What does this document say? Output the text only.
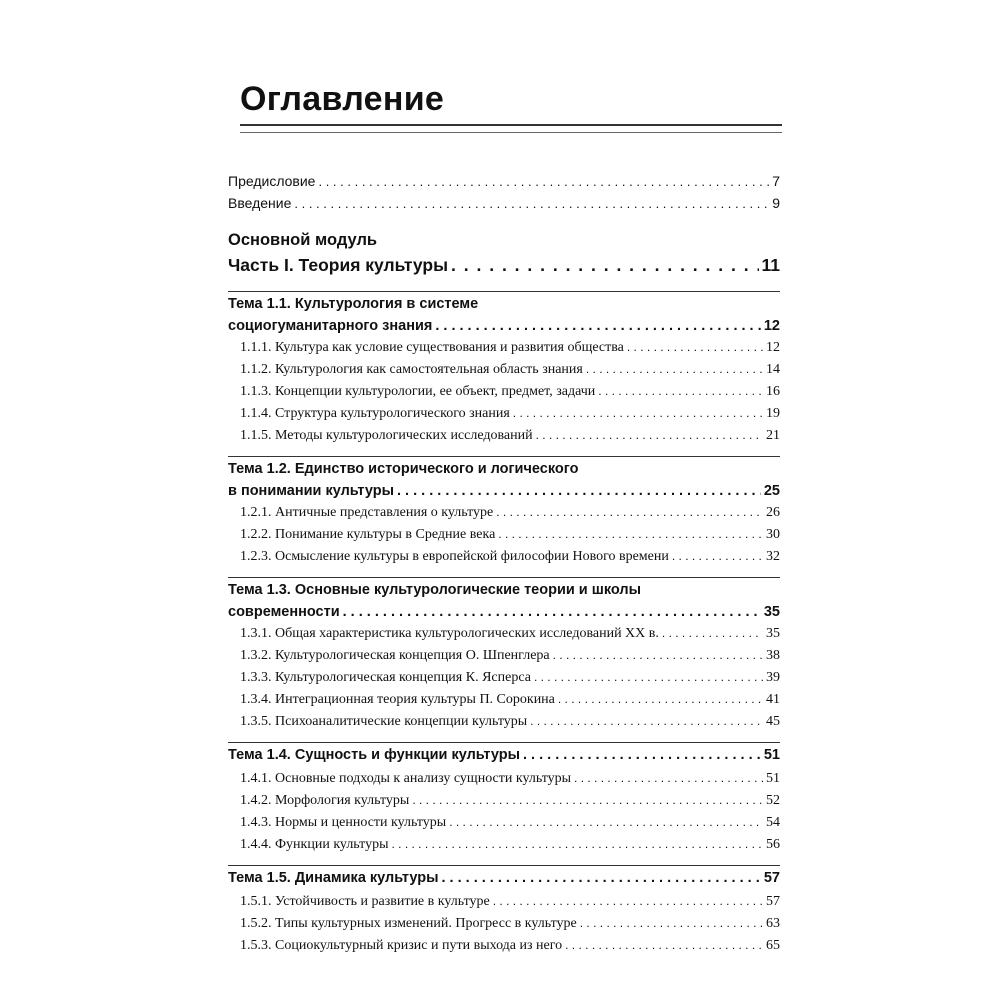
Оглавление
Предисловие . . .	7
Введение . . .	9
Основной модуль
Часть I. Теория культуры . . .	11
Тема 1.1. Культурология в системе
социогуманитарного знания . . .	12
1.1.1. Культура как условие существования и развития общества . . .	12
1.1.2. Культурология как самостоятельная область знания . . .	14
1.1.3. Концепции культурологии, ее объект, предмет, задачи . . .	16
1.1.4. Структура культурологического знания . . .	19
1.1.5. Методы культурологических исследований . . .	21
Тема 1.2. Единство исторического и логического
в понимании культуры . . .	25
1.2.1. Античные представления о культуре . . .	26
1.2.2. Понимание культуры в Средние века . . .	30
1.2.3. Осмысление культуры в европейской философии Нового времени . . .	32
Тема 1.3. Основные культурологические теории и школы
современности . . .	35
1.3.1. Общая характеристика культурологических исследований XX в. . . .	35
1.3.2. Культурологическая концепция О. Шпенглера . . .	38
1.3.3. Культурологическая концепция К. Ясперса . . .	39
1.3.4. Интеграционная теория культуры П. Сорокина . . .	41
1.3.5. Психоаналитические концепции культуры . . .	45
Тема 1.4. Сущность и функции культуры . . .	51
1.4.1. Основные подходы к анализу сущности культуры . . .	51
1.4.2. Морфология культуры . . .	52
1.4.3. Нормы и ценности культуры . . .	54
1.4.4. Функции культуры . . .	56
Тема 1.5. Динамика культуры . . .	57
1.5.1. Устойчивость и развитие в культуре . . .	57
1.5.2. Типы культурных изменений. Прогресс в культуре . . .	63
1.5.3. Социокультурный кризис и пути выхода из него . . .	65
